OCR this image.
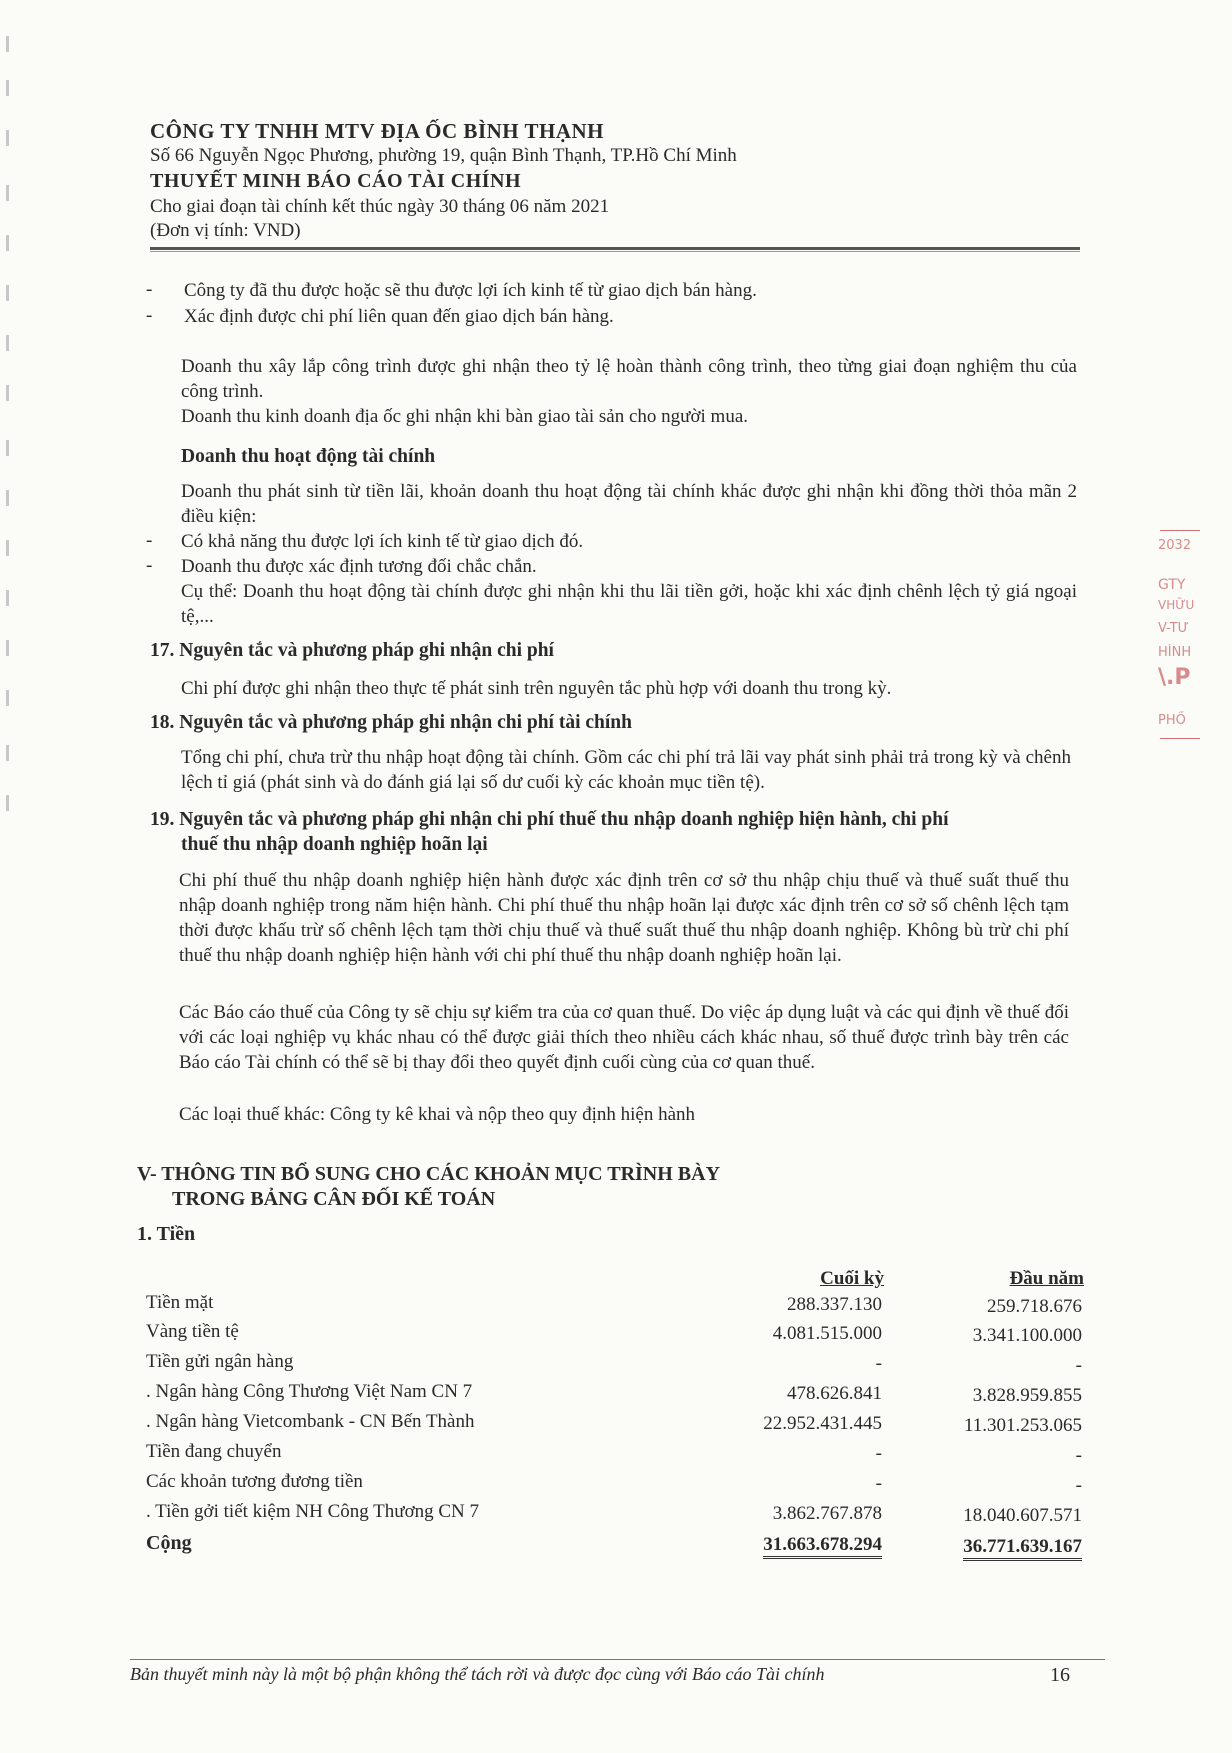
CÔNG TY TNHH MTV ĐỊA ỐC BÌNH THẠNH
Số 66 Nguyễn Ngọc Phương, phường 19, quận Bình Thạnh, TP.Hồ Chí Minh
THUYẾT MINH BÁO CÁO TÀI CHÍNH
Cho giai đoạn tài chính kết thúc ngày 30 tháng 06 năm 2021
(Đơn vị tính: VND)
- Công ty đã thu được hoặc sẽ thu được lợi ích kinh tế từ giao dịch bán hàng.
- Xác định được chi phí liên quan đến giao dịch bán hàng.
Doanh thu xây lắp công trình được ghi nhận theo tỷ lệ hoàn thành công trình, theo từng giai đoạn nghiệm thu của công trình.
Doanh thu kinh doanh địa ốc ghi nhận khi bàn giao tài sản cho người mua.
Doanh thu hoạt động tài chính
Doanh thu phát sinh từ tiền lãi, khoản doanh thu hoạt động tài chính khác được ghi nhận khi đồng thời thỏa mãn 2 điều kiện:
- Có khả năng thu được lợi ích kinh tế từ giao dịch đó.
- Doanh thu được xác định tương đối chắc chắn.
Cụ thể: Doanh thu hoạt động tài chính được ghi nhận khi thu lãi tiền gởi, hoặc khi xác định chênh lệch tỷ giá ngoại tệ,...
17. Nguyên tắc và phương pháp ghi nhận chi phí
Chi phí được ghi nhận theo thực tế phát sinh trên nguyên tắc phù hợp với doanh thu trong kỳ.
18. Nguyên tắc và phương pháp ghi nhận chi phí tài chính
Tổng chi phí, chưa trừ thu nhập hoạt động tài chính. Gồm các chi phí trả lãi vay phát sinh phải trả trong kỳ và chênh lệch tỉ giá (phát sinh và do đánh giá lại số dư cuối kỳ các khoản mục tiền tệ).
19. Nguyên tắc và phương pháp ghi nhận chi phí thuế thu nhập doanh nghiệp hiện hành, chi phí
thuế thu nhập doanh nghiệp hoãn lại
Chi phí thuế thu nhập doanh nghiệp hiện hành được xác định trên cơ sở thu nhập chịu thuế và thuế suất thuế thu nhập doanh nghiệp trong năm hiện hành. Chi phí thuế thu nhập hoãn lại được xác định trên cơ sở số chênh lệch tạm thời được khấu trừ số chênh lệch tạm thời chịu thuế và thuế suất thuế thu nhập doanh nghiệp. Không bù trừ chi phí thuế thu nhập doanh nghiệp hiện hành với chi phí thuế thu nhập doanh nghiệp hoãn lại.
Các Báo cáo thuế của Công ty sẽ chịu sự kiểm tra của cơ quan thuế. Do việc áp dụng luật và các qui định về thuế đối với các loại nghiệp vụ khác nhau có thể được giải thích theo nhiều cách khác nhau, số thuế được trình bày trên các Báo cáo Tài chính có thể sẽ bị thay đổi theo quyết định cuối cùng của cơ quan thuế.
Các loại thuế khác: Công ty kê khai và nộp theo quy định hiện hành
V- THÔNG TIN BỔ SUNG CHO CÁC KHOẢN MỤC TRÌNH BÀY
TRONG BẢNG CÂN ĐỐI KẾ TOÁN
1. Tiền
Cuối kỳ	Đầu năm
Tiền mặt	288.337.130	259.718.676
Vàng tiền tệ	4.081.515.000	3.341.100.000
Tiền gửi ngân hàng	-	-
. Ngân hàng Công Thương Việt Nam CN 7	478.626.841	3.828.959.855
. Ngân hàng Vietcombank - CN Bến Thành	22.952.431.445	11.301.253.065
Tiền đang chuyển	-	-
Các khoản tương đương tiền	-	-
. Tiền gởi tiết kiệm NH Công Thương CN 7	3.862.767.878	18.040.607.571
Cộng	31.663.678.294	36.771.639.167
Bản thuyết minh này là một bộ phận không thể tách rời và được đọc cùng với Báo cáo Tài chính	16
2032
GTY
VHỮU
V-TƯ
HÌNH
\.P
PHỐ
